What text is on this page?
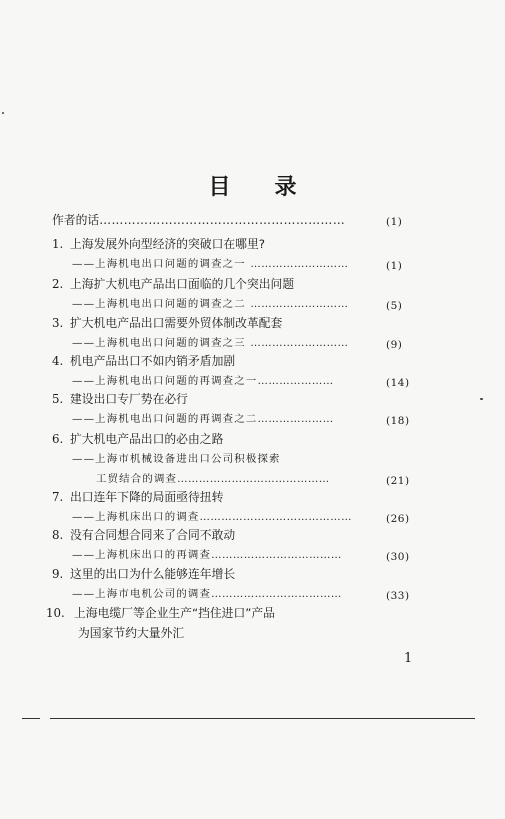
目 录
作者的话……………………………………………………	(1)
1. 上海发展外向型经济的突破口在哪里?
——上海机电出口问题的调查之一 ………………………	(1)
2. 上海扩大机电产品出口面临的几个突出问题
——上海机电出口问题的调查之二 ………………………	(5)
3. 扩大机电产品出口需要外贸体制改革配套
——上海机电出口问题的调查之三 ………………………	(9)
4. 机电产品出口不如内销矛盾加剧
——上海机电出口问题的再调查之一…………………	(14)
5. 建设出口专厂势在必行
——上海机电出口问题的再调查之二…………………	(18)
6. 扩大机电产品出口的必由之路
——上海市机械设备进出口公司积极探索
工贸结合的调查……………………………………	(21)
7. 出口连年下降的局面亟待扭转
——上海机床出口的调查……………………………………	(26)
8. 没有合同想合同来了合同不敢动
——上海机床出口的再调查………………………………	(30)
9. 这里的出口为什么能够连年增长
——上海市电机公司的调查………………………………	(33)
10. 上海电缆厂等企业生产“挡住进口”产品
为国家节约大量外汇
1
